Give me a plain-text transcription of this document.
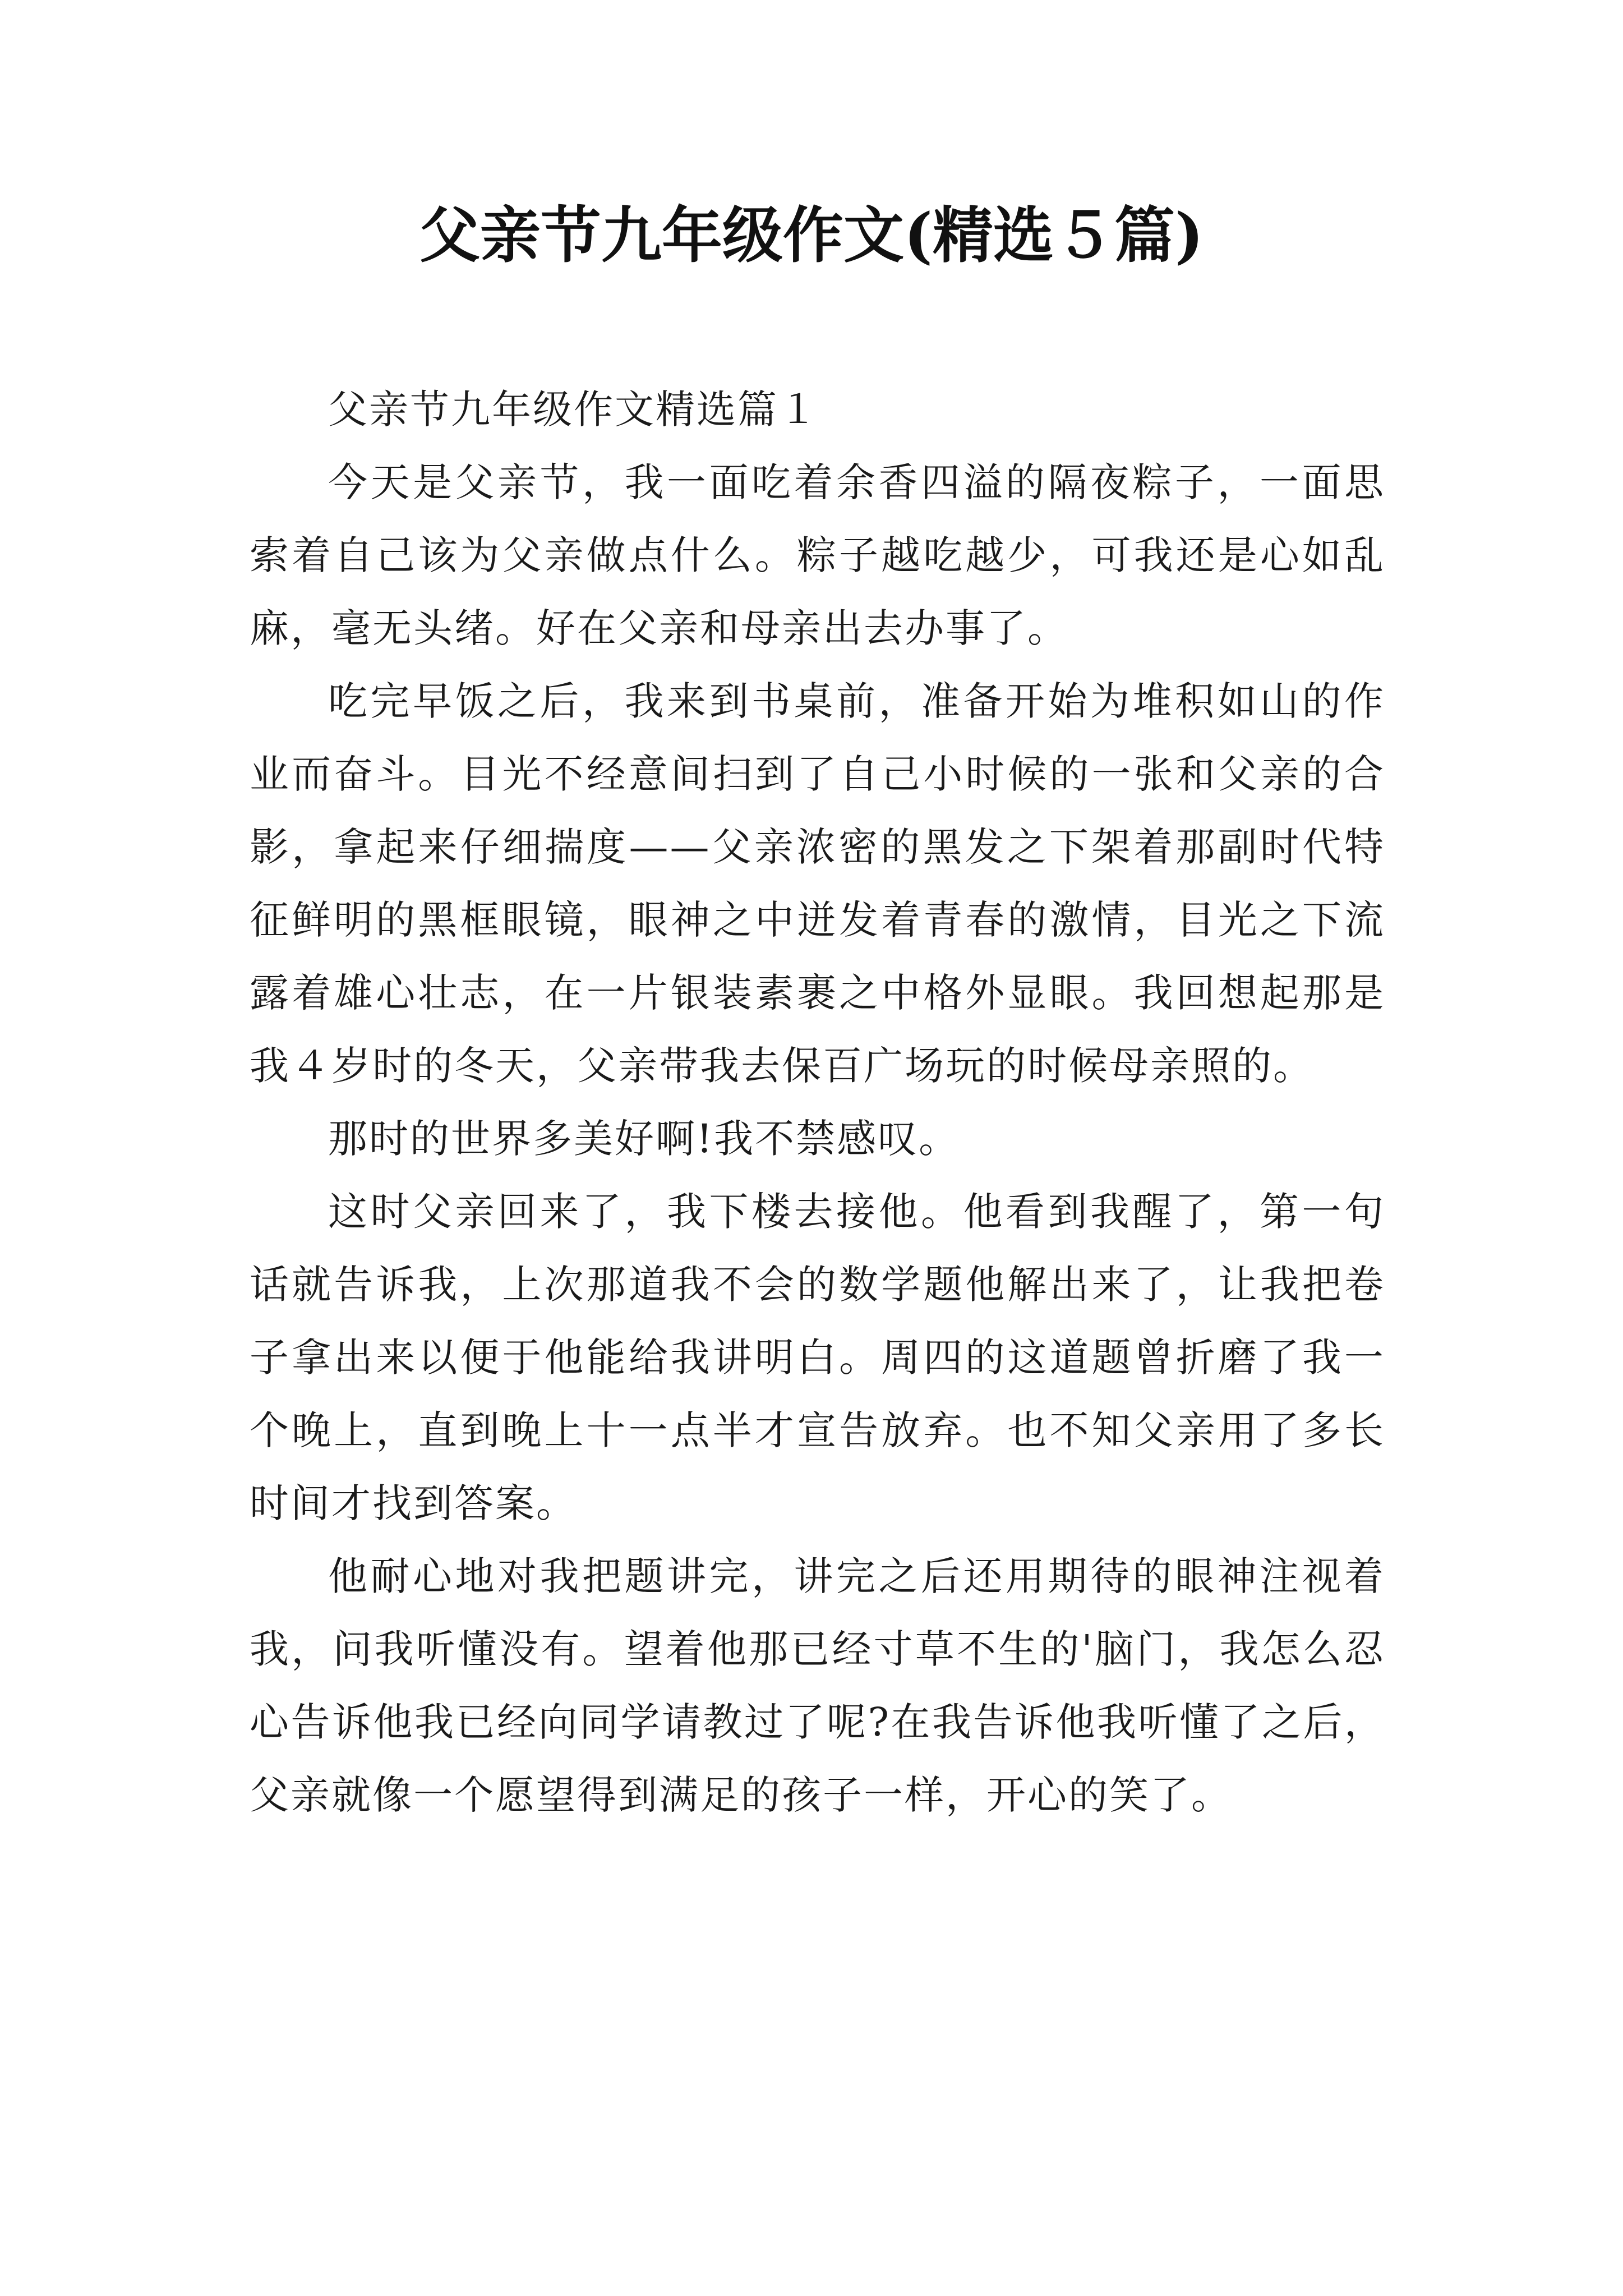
父亲节九年级作文(精选５篇)

父亲节九年级作文精选篇１

今天是父亲节，我一面吃着余香四溢的隔夜粽子，一面思索着自己该为父亲做点什么。粽子越吃越少，可我还是心如乱麻，毫无头绪。好在父亲和母亲出去办事了。

吃完早饭之后，我来到书桌前，准备开始为堆积如山的作业而奋斗。目光不经意间扫到了自己小时候的一张和父亲的合影，拿起来仔细揣度——父亲浓密的黑发之下架着那副时代特征鲜明的黑框眼镜，眼神之中迸发着青春的激情，目光之下流露着雄心壮志，在一片银装素裹之中格外显眼。我回想起那是我４岁时的冬天，父亲带我去保百广场玩的时候母亲照的。

那时的世界多美好啊!我不禁感叹。

这时父亲回来了，我下楼去接他。他看到我醒了，第一句话就告诉我，上次那道我不会的数学题他解出来了，让我把卷子拿出来以便于他能给我讲明白。周四的这道题曾折磨了我一个晚上，直到晚上十一点半才宣告放弃。也不知父亲用了多长时间才找到答案。

他耐心地对我把题讲完，讲完之后还用期待的眼神注视着我，问我听懂没有。望着他那已经寸草不生的'脑门，我怎么忍心告诉他我已经向同学请教过了呢?在我告诉他我听懂了之后，父亲就像一个愿望得到满足的孩子一样，开心的笑了。
